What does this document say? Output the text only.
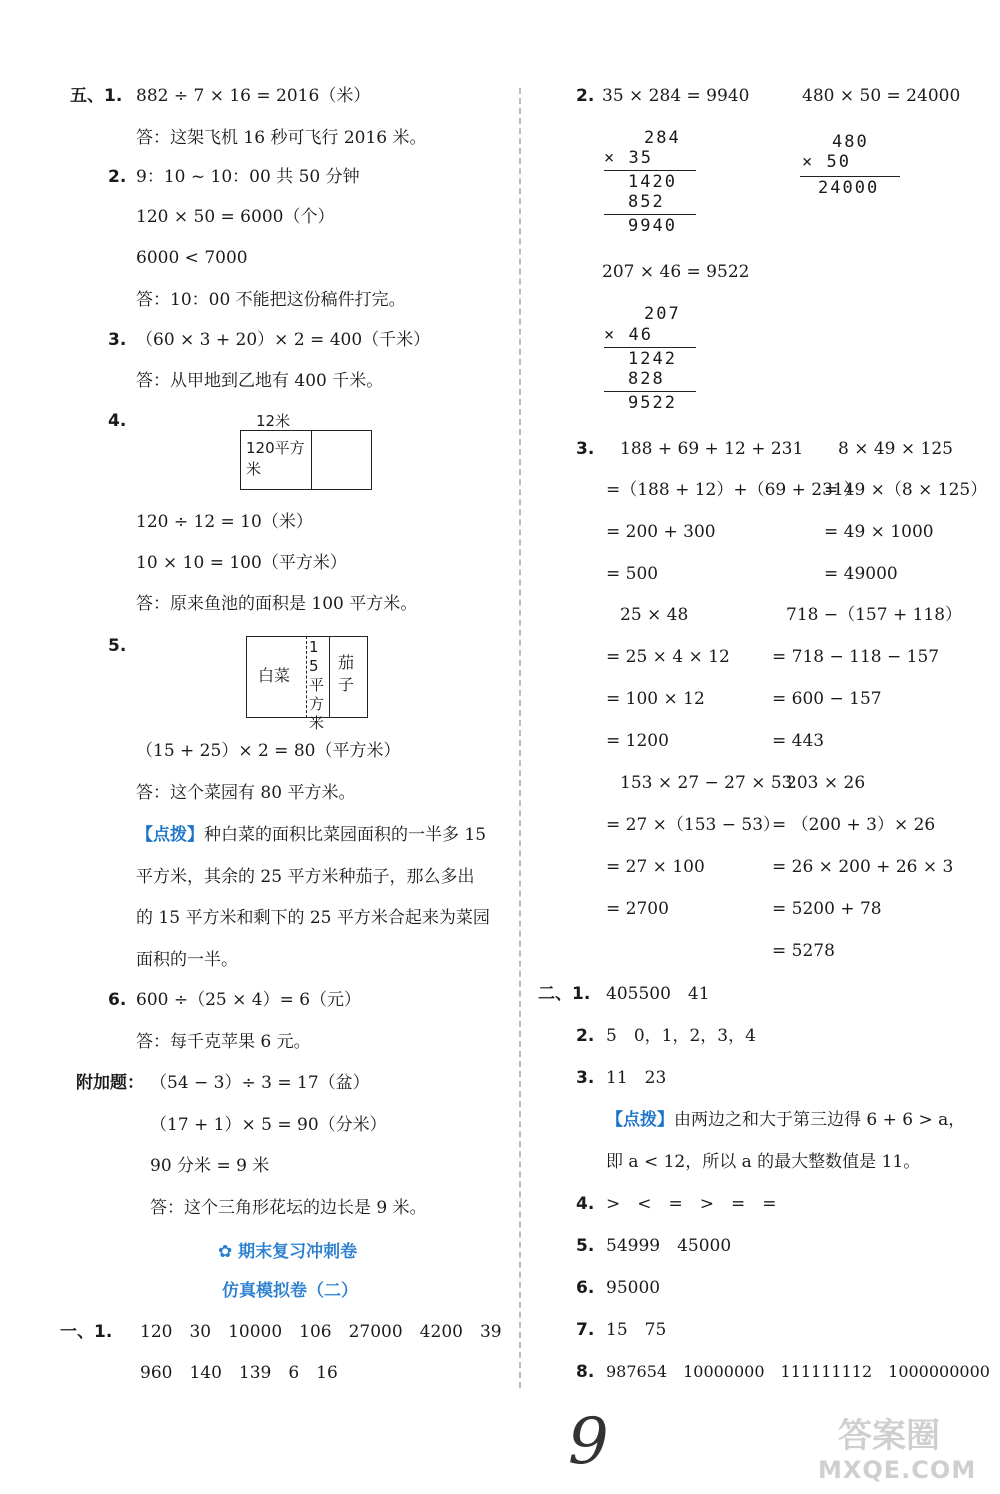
五、1. 882 ÷ 7 × 16 = 2016（米）
答：这架飞机 16 秒可飞行 2016 米。
2. 9：10 ~ 10：00 共 50 分钟
120 × 50 = 6000（个）
6000 < 7000
答：10：00 不能把这份稿件打完。
3. （60 × 3 + 20）× 2 = 400（千米）
答：从甲地到乙地有 400 千米。
4.	12米
120平方米
120 ÷ 12 = 10（米）
10 × 10 = 100（平方米）
答：原来鱼池的面积是 100 平方米。
5.
白菜
15平方米
茄子
（15 + 25）× 2 = 80（平方米）
答：这个菜园有 80 平方米。
【点拨】种白菜的面积比菜园面积的一半多 15
平方米，其余的 25 平方米种茄子，那么多出
的 15 平方米和剩下的 25 平方米合起来为菜园
面积的一半。
6. 600 ÷（25 × 4）= 6（元）
答：每千克苹果 6 元。
附加题： （54 − 3）÷ 3 = 17（盆）
（17 + 1）× 5 = 90（分米）
90 分米 = 9 米
答：这个三角形花坛的边长是 9 米。
✿ 期末复习冲刺卷
仿真模拟卷（二）
一、1. 120　30　10000　106　27000　4200　39
960　140　139　6　16
2. 35 × 284 = 9940	480 × 50 = 24000
284
× 35
1420
852
9940
480
× 50
24000
207 × 46 = 9522
207
× 46
1242
828
9522
3. 188 + 69 + 12 + 231
=（188 + 12）+（69 + 231）
= 200 + 300
= 500
8 × 49 × 125
= 49 ×（8 × 125）
= 49 × 1000
= 49000
25 × 48
= 25 × 4 × 12
= 100 × 12
= 1200
718 −（157 + 118）
= 718 − 118 − 157
= 600 − 157
= 443
153 × 27 − 27 × 53
= 27 ×（153 − 53）
= 27 × 100
= 2700
203 × 26
= （200 + 3）× 26
= 26 × 200 + 26 × 3
= 5200 + 78
= 5278
二、1. 405500　41
2. 5　0，1，2，3，4
3. 11　23
【点拨】由两边之和大于第三边得 6 + 6 > a，
即 a < 12，所以 a 的最大整数值是 11。
4. >　<　=　>　=　=
5. 54999　45000
6. 95000
7. 15　75
8. 987654　10000000　111111112　1000000000
9	答案圈
MXQE.COM
